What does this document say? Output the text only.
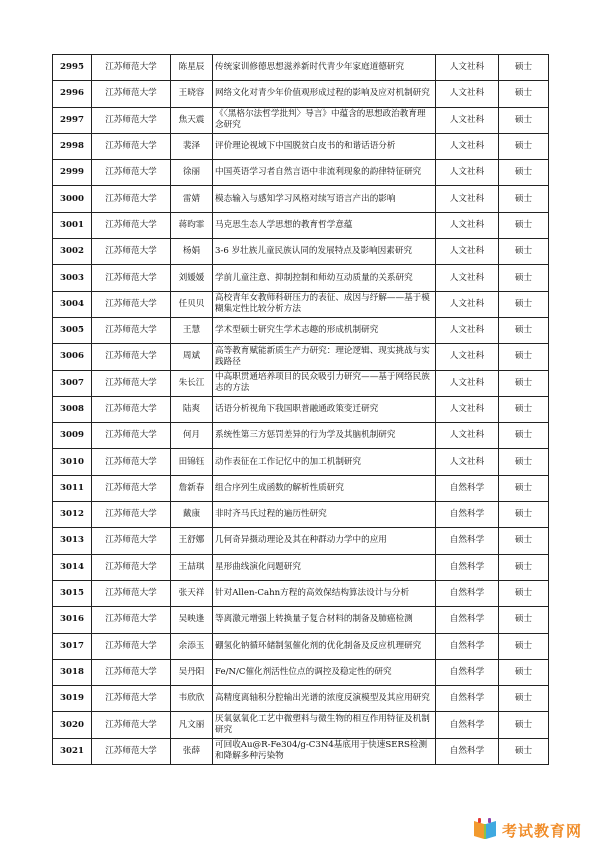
2995	江苏师范大学	陈星辰	传统家训修德思想滋养新时代青少年家庭道德研究	人文社科	硕士
2996	江苏师范大学	王晓容	网络文化对青少年价值观形成过程的影响及应对机制研究	人文社科	硕士
2997	江苏师范大学	焦天震	《〈黑格尔法哲学批判〉导言》中蕴含的思想政治教育理念研究	人文社科	硕士
2998	江苏师范大学	裴泽	评价理论视域下中国脱贫白皮书的和谐话语分析	人文社科	硕士
2999	江苏师范大学	徐丽	中国英语学习者自然言语中非流利现象的韵律特征研究	人文社科	硕士
3000	江苏师范大学	雷婧	模态输入与感知学习风格对续写语言产出的影响	人文社科	硕士
3001	江苏师范大学	蒋昀霏	马克思生态人学思想的教育哲学意蕴	人文社科	硕士
3002	江苏师范大学	杨娟	3-6 岁壮族儿童民族认同的发展特点及影响因素研究	人文社科	硕士
3003	江苏师范大学	刘媛媛	学前儿童注意、抑制控制和师幼互动质量的关系研究	人文社科	硕士
3004	江苏师范大学	任贝贝	高校青年女教师科研压力的表征、成因与纾解——基于模糊集定性比较分析方法	人文社科	硕士
3005	江苏师范大学	王慧	学术型硕士研究生学术志趣的形成机制研究	人文社科	硕士
3006	江苏师范大学	周斌	高等教育赋能新质生产力研究：理论逻辑、现实挑战与实践路径	人文社科	硕士
3007	江苏师范大学	朱长江	中高职贯通培养项目的民众吸引力研究——基于网络民族志的方法	人文社科	硕士
3008	江苏师范大学	陆爽	话语分析视角下我国职普融通政策变迁研究	人文社科	硕士
3009	江苏师范大学	何月	系统性第三方惩罚差异的行为学及其脑机制研究	人文社科	硕士
3010	江苏师范大学	田锦钰	动作表征在工作记忆中的加工机制研究	人文社科	硕士
3011	江苏师范大学	詹新春	组合序列生成函数的解析性质研究	自然科学	硕士
3012	江苏师范大学	戴康	非时齐马氏过程的遍历性研究	自然科学	硕士
3013	江苏师范大学	王舒娜	几何奇异摄动理论及其在种群动力学中的应用	自然科学	硕士
3014	江苏师范大学	王喆琪	星形曲线演化问题研究	自然科学	硕士
3015	江苏师范大学	张天祥	针对Allen-Cahn方程的高效保结构算法设计与分析	自然科学	硕士
3016	江苏师范大学	吴映逢	等离激元增强上转换量子复合材料的制备及肺癌检测	自然科学	硕士
3017	江苏师范大学	余添玉	硼氢化钠循环储制氢催化剂的优化制备及反应机理研究	自然科学	硕士
3018	江苏师范大学	吴丹阳	Fe/N/C催化剂活性位点的调控及稳定性的研究	自然科学	硕士
3019	江苏师范大学	韦欣欣	高精度离轴积分腔输出光谱的浓度反演模型及其应用研究	自然科学	硕士
3020	江苏师范大学	凡文丽	厌氧氨氧化工艺中微塑料与微生物的相互作用特征及机制研究	自然科学	硕士
3021	江苏师范大学	张薛	可回收Au@R-Fe304/g-C3N4基底用于快速SERS检测和降解多种污染物	自然科学	硕士
考试教育网
